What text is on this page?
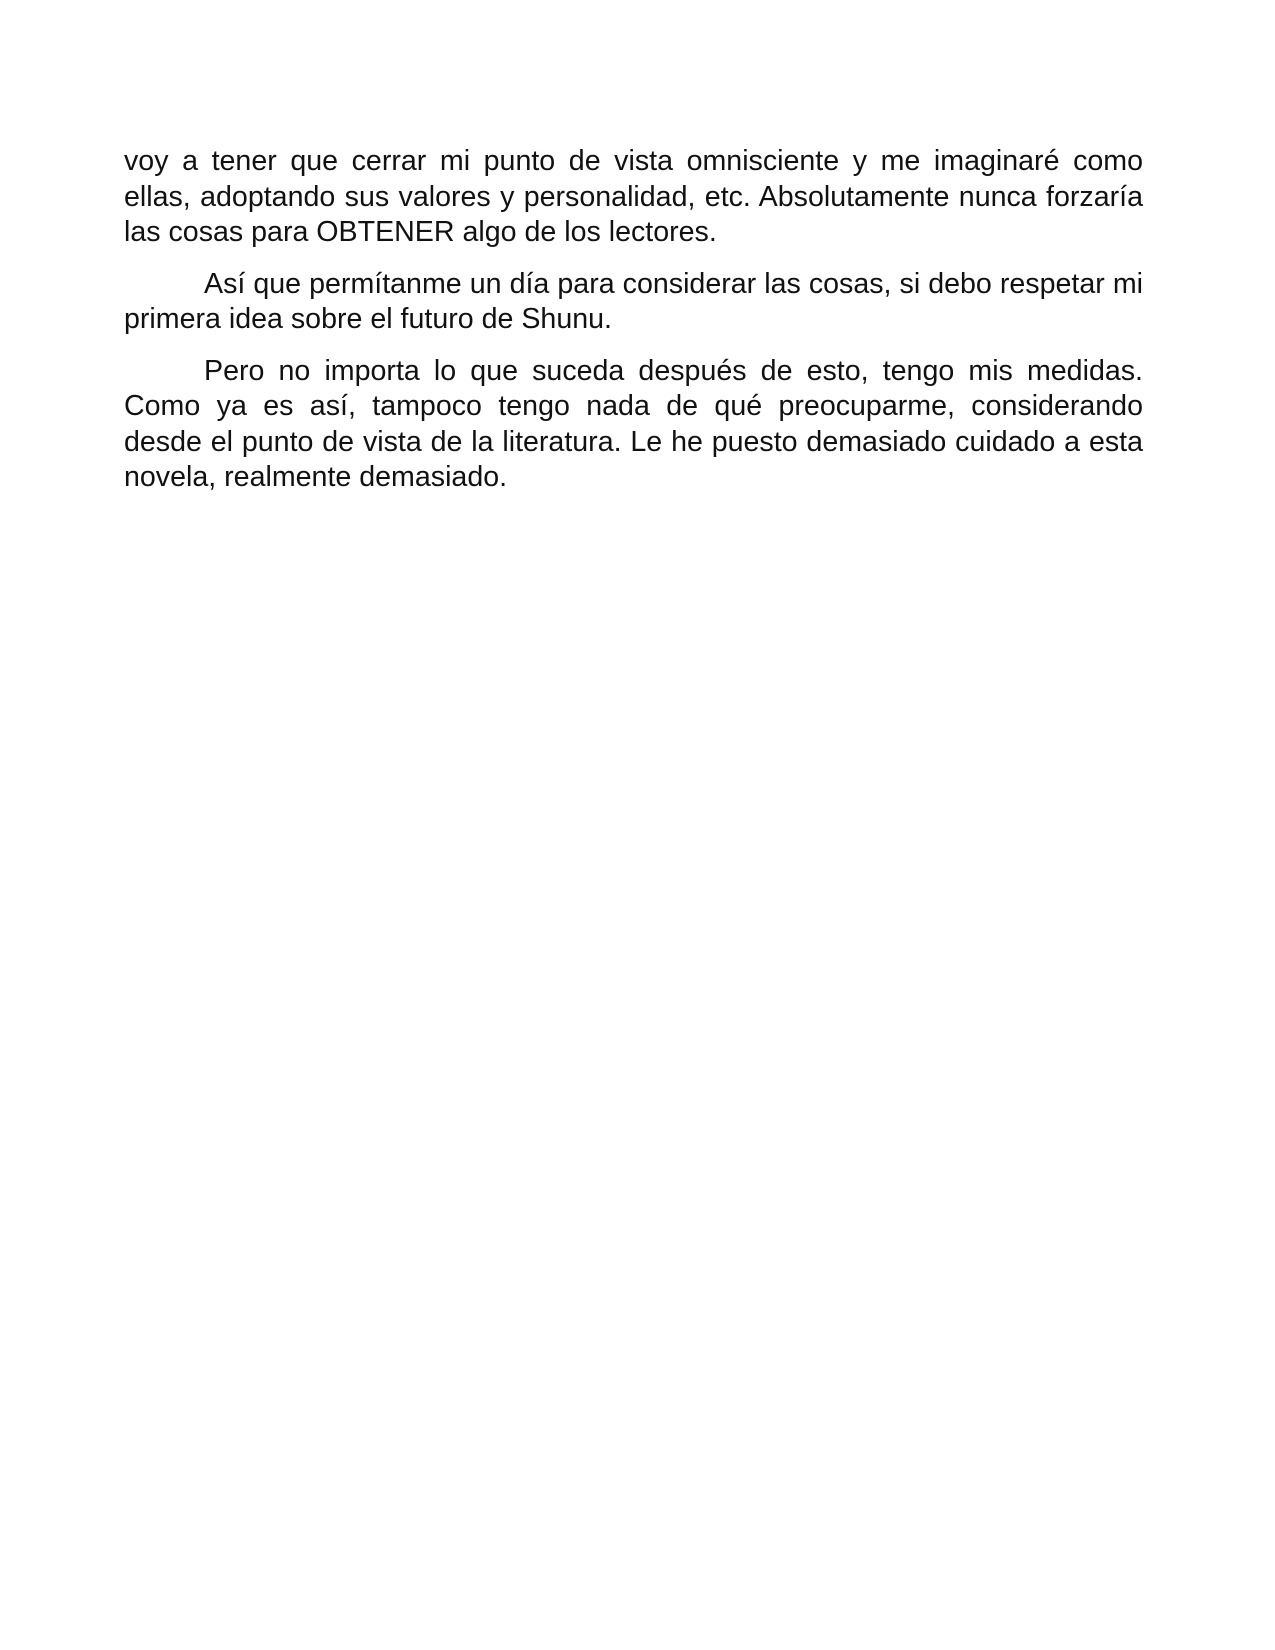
voy a tener que cerrar mi punto de vista omnisciente y me imaginaré como ellas, adoptando sus valores y personalidad, etc. Absolutamente nunca forzaría las cosas para OBTENER algo de los lectores.

Así que permítanme un día para considerar las cosas, si debo respetar mi primera idea sobre el futuro de Shunu.

Pero no importa lo que suceda después de esto, tengo mis medidas. Como ya es así, tampoco tengo nada de qué preocuparme, considerando desde el punto de vista de la literatura. Le he puesto demasiado cuidado a esta novela, realmente demasiado.
